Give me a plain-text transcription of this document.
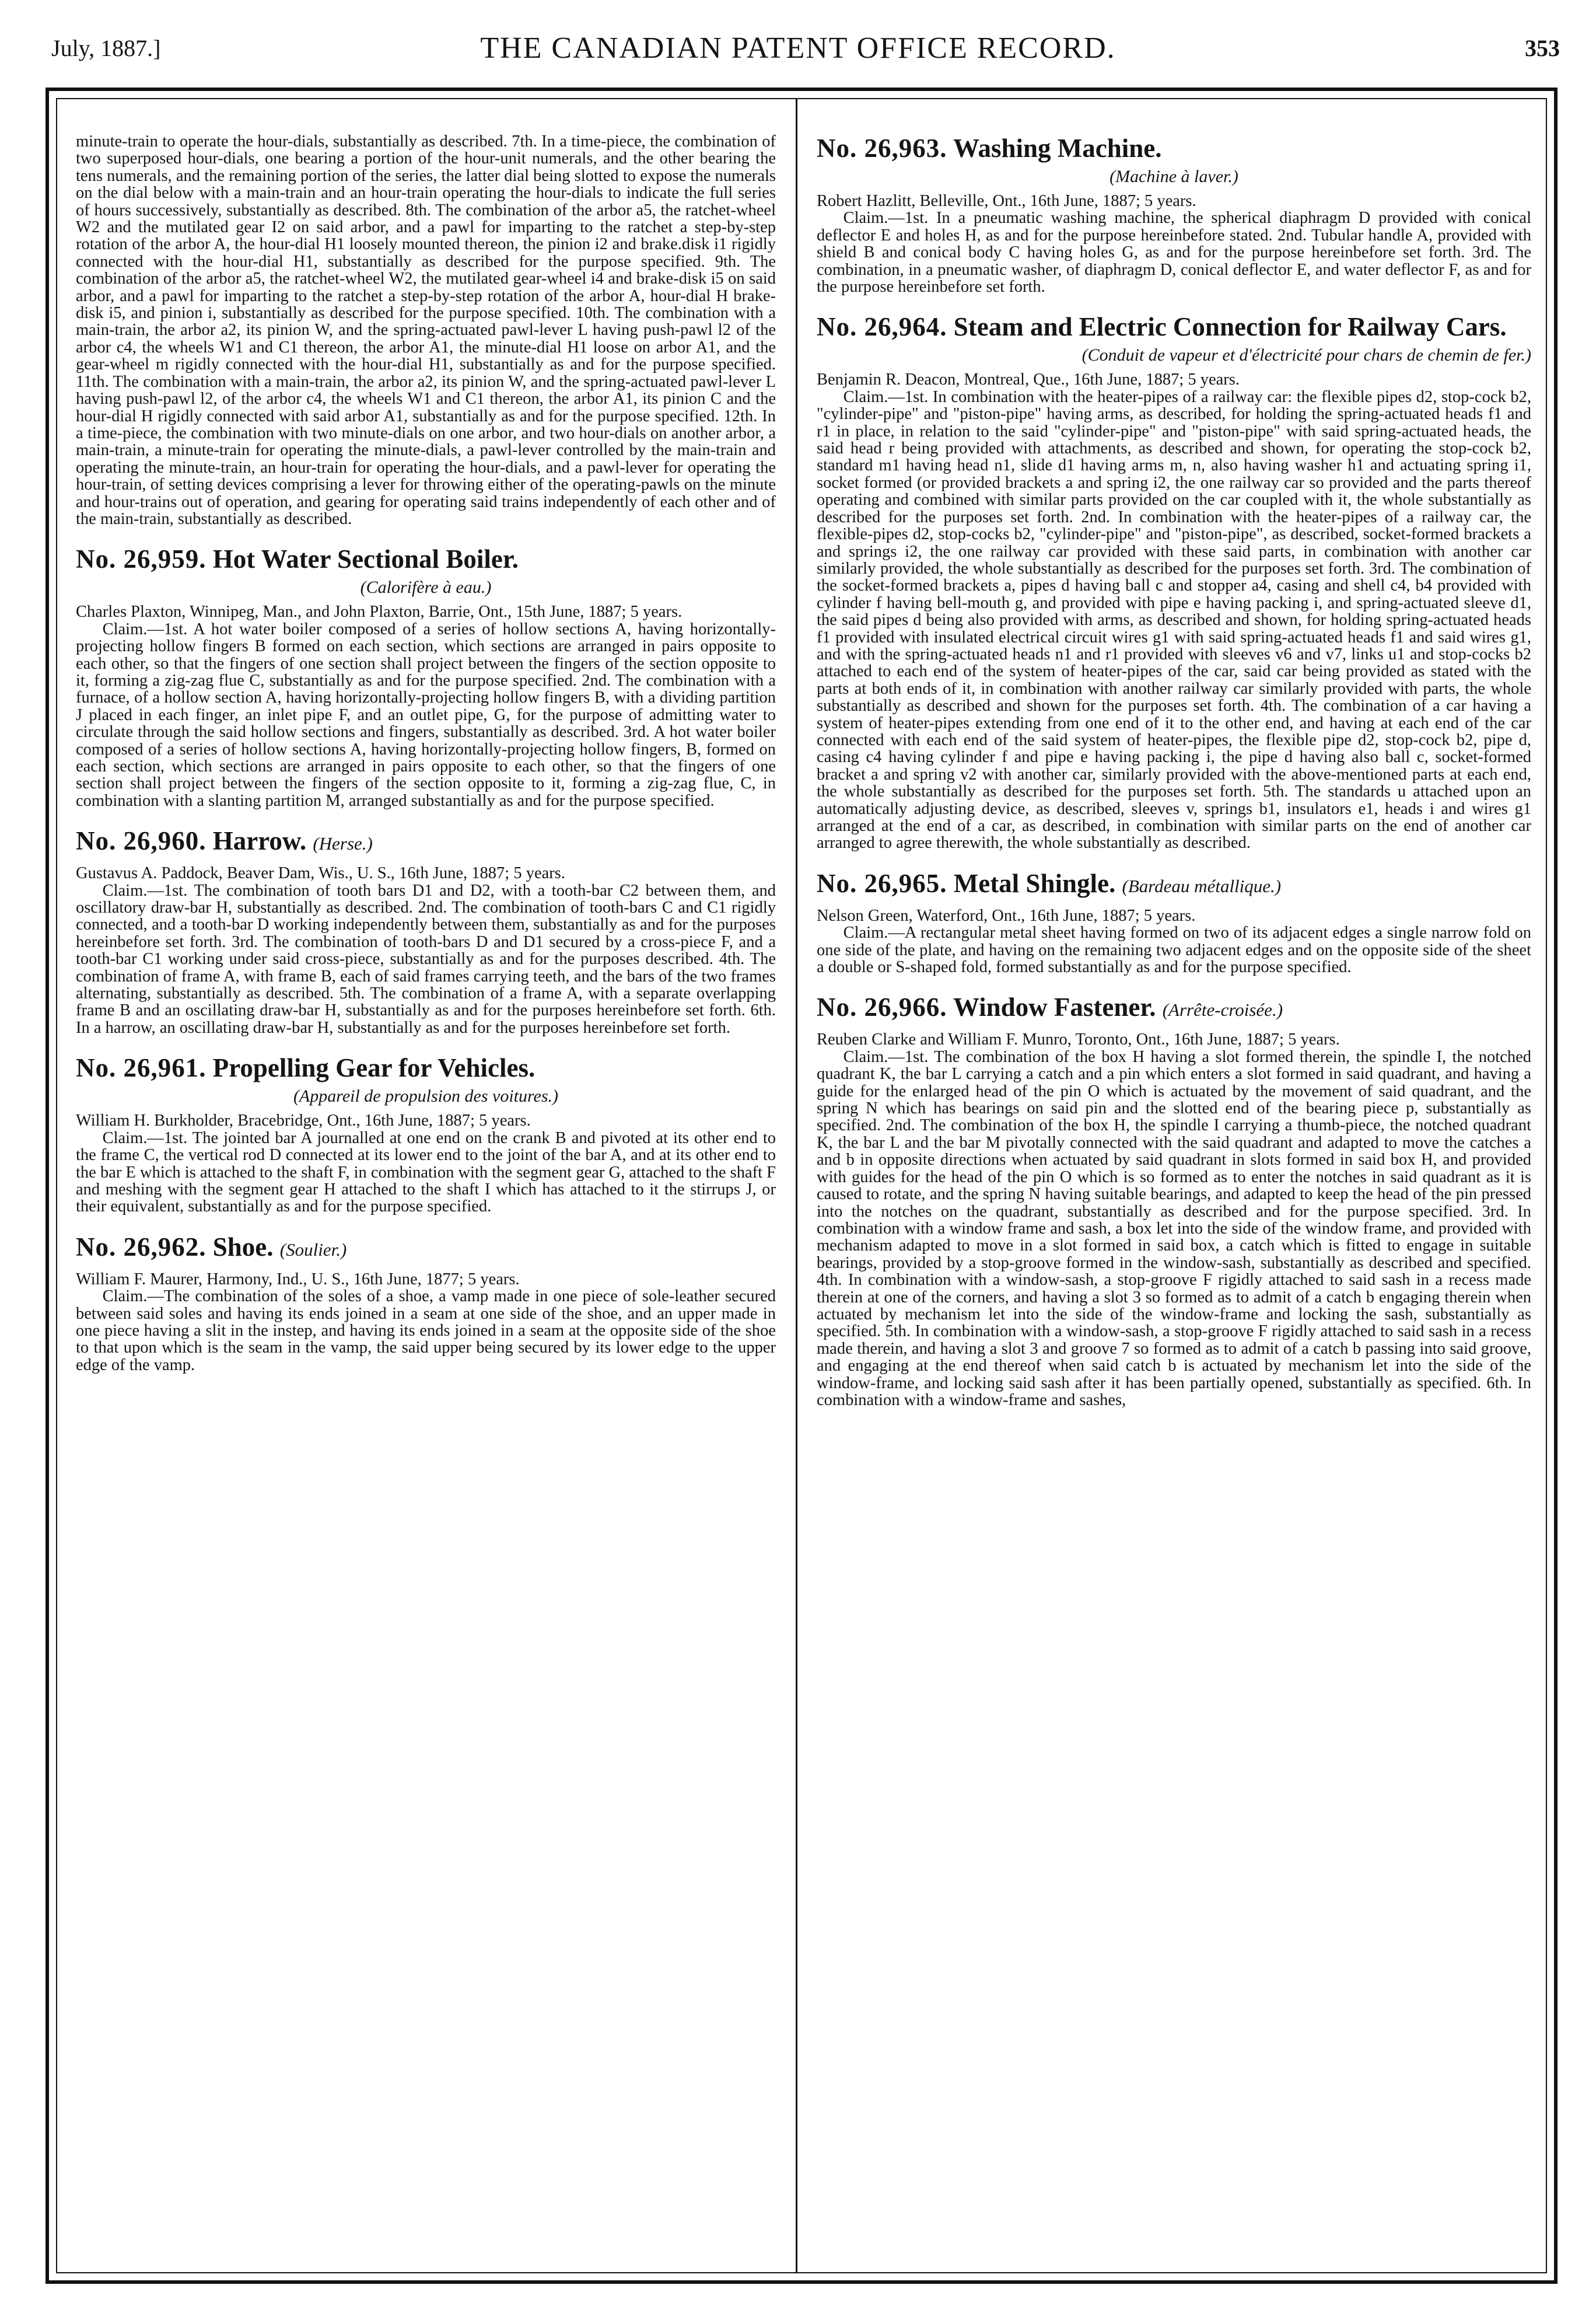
July, 1887.]	THE CANADIAN PATENT OFFICE RECORD.	353

minute-train to operate the hour-dials, substantially as described. 7th. In a time-piece, the combination of two superposed hour-dials, one bearing a portion of the hour-unit numerals, and the other bearing the tens numerals, and the remaining portion of the series, the latter dial being slotted to expose the numerals on the dial below with a main-train and an hour-train operating the hour-dials to indicate the full series of hours successively, substantially as described. 8th. The combination of the arbor a5, the ratchet-wheel W2 and the mutilated gear I2 on said arbor, and a pawl for imparting to the ratchet a step-by-step rotation of the arbor A, the hour-dial H1 loosely mounted thereon, the pinion i2 and brake.disk i1 rigidly connected with the hour-dial H1, substantially as described for the purpose specified. 9th. The combination of the arbor a5, the ratchet-wheel W2, the mutilated gear-wheel i4 and brake-disk i5 on said arbor, and a pawl for imparting to the ratchet a step-by-step rotation of the arbor A, hour-dial H brake-disk i5, and pinion i, substantially as described for the purpose specified. 10th. The combination with a main-train, the arbor a2, its pinion W, and the spring-actuated pawl-lever L having push-pawl l2 of the arbor c4, the wheels W1 and C1 thereon, the arbor A1, the minute-dial H1 loose on arbor A1, and the gear-wheel m rigidly connected with the hour-dial H1, substantially as and for the purpose specified. 11th. The combination with a main-train, the arbor a2, its pinion W, and the spring-actuated pawl-lever L having push-pawl l2, of the arbor c4, the wheels W1 and C1 thereon, the arbor A1, its pinion C and the hour-dial H rigidly connected with said arbor A1, substantially as and for the purpose specified. 12th. In a time-piece, the combination with two minute-dials on one arbor, and two hour-dials on another arbor, a main-train, a minute-train for operating the minute-dials, a pawl-lever controlled by the main-train and operating the minute-train, an hour-train for operating the hour-dials, and a pawl-lever for operating the hour-train, of setting devices comprising a lever for throwing either of the operating-pawls on the minute and hour-trains out of operation, and gearing for operating said trains independently of each other and of the main-train, substantially as described.

No. 26,959. Hot Water Sectional Boiler.
(Calorifère à eau.)

Charles Plaxton, Winnipeg, Man., and John Plaxton, Barrie, Ont., 15th June, 1887; 5 years.

Claim.—1st. A hot water boiler composed of a series of hollow sections A, having horizontally-projecting hollow fingers B formed on each section, which sections are arranged in pairs opposite to each other, so that the fingers of one section shall project between the fingers of the section opposite to it, forming a zig-zag flue C, substantially as and for the purpose specified. 2nd. The combination with a furnace, of a hollow section A, having horizontally-projecting hollow fingers B, with a dividing partition J placed in each finger, an inlet pipe F, and an outlet pipe, G, for the purpose of admitting water to circulate through the said hollow sections and fingers, substantially as described. 3rd. A hot water boiler composed of a series of hollow sections A, having horizontally-projecting hollow fingers, B, formed on each section, which sections are arranged in pairs opposite to each other, so that the fingers of one section shall project between the fingers of the section opposite to it, forming a zig-zag flue, C, in combination with a slanting partition M, arranged substantially as and for the purpose specified.

No. 26,960. Harrow. (Herse.)

Gustavus A. Paddock, Beaver Dam, Wis., U. S., 16th June, 1887; 5 years.

Claim.—1st. The combination of tooth bars D1 and D2, with a tooth-bar C2 between them, and oscillatory draw-bar H, substantially as described. 2nd. The combination of tooth-bars C and C1 rigidly connected, and a tooth-bar D working independently between them, substantially as and for the purposes hereinbefore set forth. 3rd. The combination of tooth-bars D and D1 secured by a cross-piece F, and a tooth-bar C1 working under said cross-piece, substantially as and for the purposes described. 4th. The combination of frame A, with frame B, each of said frames carrying teeth, and the bars of the two frames alternating, substantially as described. 5th. The combination of a frame A, with a separate overlapping frame B and an oscillating draw-bar H, substantially as and for the purposes hereinbefore set forth. 6th. In a harrow, an oscillating draw-bar H, substantially as and for the purposes hereinbefore set forth.

No. 26,961. Propelling Gear for Vehicles.
(Appareil de propulsion des voitures.)

William H. Burkholder, Bracebridge, Ont., 16th June, 1887; 5 years.

Claim.—1st. The jointed bar A journalled at one end on the crank B and pivoted at its other end to the frame C, the vertical rod D connected at its lower end to the joint of the bar A, and at its other end to the bar E which is attached to the shaft F, in combination with the segment gear G, attached to the shaft F and meshing with the segment gear H attached to the shaft I which has attached to it the stirrups J, or their equivalent, substantially as and for the purpose specified.

No. 26,962. Shoe. (Soulier.)

William F. Maurer, Harmony, Ind., U. S., 16th June, 1877; 5 years.

Claim.—The combination of the soles of a shoe, a vamp made in one piece of sole-leather secured between said soles and having its ends joined in a seam at one side of the shoe, and an upper made in one piece having a slit in the instep, and having its ends joined in a seam at the opposite side of the shoe to that upon which is the seam in the vamp, the said upper being secured by its lower edge to the upper edge of the vamp.

No. 26,963. Washing Machine.
(Machine à laver.)

Robert Hazlitt, Belleville, Ont., 16th June, 1887; 5 years.

Claim.—1st. In a pneumatic washing machine, the spherical diaphragm D provided with conical deflector E and holes H, as and for the purpose hereinbefore stated. 2nd. Tubular handle A, provided with shield B and conical body C having holes G, as and for the purpose hereinbefore set forth. 3rd. The combination, in a pneumatic washer, of diaphragm D, conical deflector E, and water deflector F, as and for the purpose hereinbefore set forth.

No. 26,964. Steam and Electric Connection for Railway Cars.
(Conduit de vapeur et d'électricité pour chars de chemin de fer.)

Benjamin R. Deacon, Montreal, Que., 16th June, 1887; 5 years.

Claim.—1st. In combination with the heater-pipes of a railway car: the flexible pipes d2, stop-cock b2, "cylinder-pipe" and "piston-pipe" having arms, as described, for holding the spring-actuated heads f1 and r1 in place, in relation to the said "cylinder-pipe" and "piston-pipe" with said spring-actuated heads, the said head r being provided with attachments, as described and shown, for operating the stop-cock b2, standard m1 having head n1, slide d1 having arms m, n, also having washer h1 and actuating spring i1, socket formed (or provided brackets a and spring i2, the one railway car so provided and the parts thereof operating and combined with similar parts provided on the car coupled with it, the whole substantially as described for the purposes set forth. 2nd. In combination with the heater-pipes of a railway car, the flexible-pipes d2, stop-cocks b2, "cylinder-pipe" and "piston-pipe", as described, socket-formed brackets a and springs i2, the one railway car provided with these said parts, in combination with another car similarly provided, the whole substantially as described for the purposes set forth. 3rd. The combination of the socket-formed brackets a, pipes d having ball c and stopper a4, casing and shell c4, b4 provided with cylinder f having bell-mouth g, and provided with pipe e having packing i, and spring-actuated sleeve d1, the said pipes d being also provided with arms, as described and shown, for holding spring-actuated heads f1 provided with insulated electrical circuit wires g1 with said spring-actuated heads f1 and said wires g1, and with the spring-actuated heads n1 and r1 provided with sleeves v6 and v7, links u1 and stop-cocks b2 attached to each end of the system of heater-pipes of the car, said car being provided as stated with the parts at both ends of it, in combination with another railway car similarly provided with parts, the whole substantially as described and shown for the purposes set forth. 4th. The combination of a car having a system of heater-pipes extending from one end of it to the other end, and having at each end of the car connected with each end of the said system of heater-pipes, the flexible pipe d2, stop-cock b2, pipe d, casing c4 having cylinder f and pipe e having packing i, the pipe d having also ball c, socket-formed bracket a and spring v2 with another car, similarly provided with the above-mentioned parts at each end, the whole substantially as described for the purposes set forth. 5th. The standards u attached upon an automatically adjusting device, as described, sleeves v, springs b1, insulators e1, heads i and wires g1 arranged at the end of a car, as described, in combination with similar parts on the end of another car arranged to agree therewith, the whole substantially as described.

No. 26,965. Metal Shingle. (Bardeau métallique.)

Nelson Green, Waterford, Ont., 16th June, 1887; 5 years.

Claim.—A rectangular metal sheet having formed on two of its adjacent edges a single narrow fold on one side of the plate, and having on the remaining two adjacent edges and on the opposite side of the sheet a double or S-shaped fold, formed substantially as and for the purpose specified.

No. 26,966. Window Fastener. (Arrête-croisée.)

Reuben Clarke and William F. Munro, Toronto, Ont., 16th June, 1887; 5 years.

Claim.—1st. The combination of the box H having a slot formed therein, the spindle I, the notched quadrant K, the bar L carrying a catch and a pin which enters a slot formed in said quadrant, and having a guide for the enlarged head of the pin O which is actuated by the movement of said quadrant, and the spring N which has bearings on said pin and the slotted end of the bearing piece p, substantially as specified. 2nd. The combination of the box H, the spindle I carrying a thumb-piece, the notched quadrant K, the bar L and the bar M pivotally connected with the said quadrant and adapted to move the catches a and b in opposite directions when actuated by said quadrant in slots formed in said box H, and provided with guides for the head of the pin O which is so formed as to enter the notches in said quadrant as it is caused to rotate, and the spring N having suitable bearings, and adapted to keep the head of the pin pressed into the notches on the quadrant, substantially as described and for the purpose specified. 3rd. In combination with a window frame and sash, a box let into the side of the window frame, and provided with mechanism adapted to move in a slot formed in said box, a catch which is fitted to engage in suitable bearings, provided by a stop-groove formed in the window-sash, substantially as described and specified. 4th. In combination with a window-sash, a stop-groove F rigidly attached to said sash in a recess made therein at one of the corners, and having a slot 3 so formed as to admit of a catch b engaging therein when actuated by mechanism let into the side of the window-frame and locking the sash, substantially as specified. 5th. In combination with a window-sash, a stop-groove F rigidly attached to said sash in a recess made therein, and having a slot 3 and groove 7 so formed as to admit of a catch b passing into said groove, and engaging at the end thereof when said catch b is actuated by mechanism let into the side of the window-frame, and locking said sash after it has been partially opened, substantially as specified. 6th. In combination with a window-frame and sashes,
